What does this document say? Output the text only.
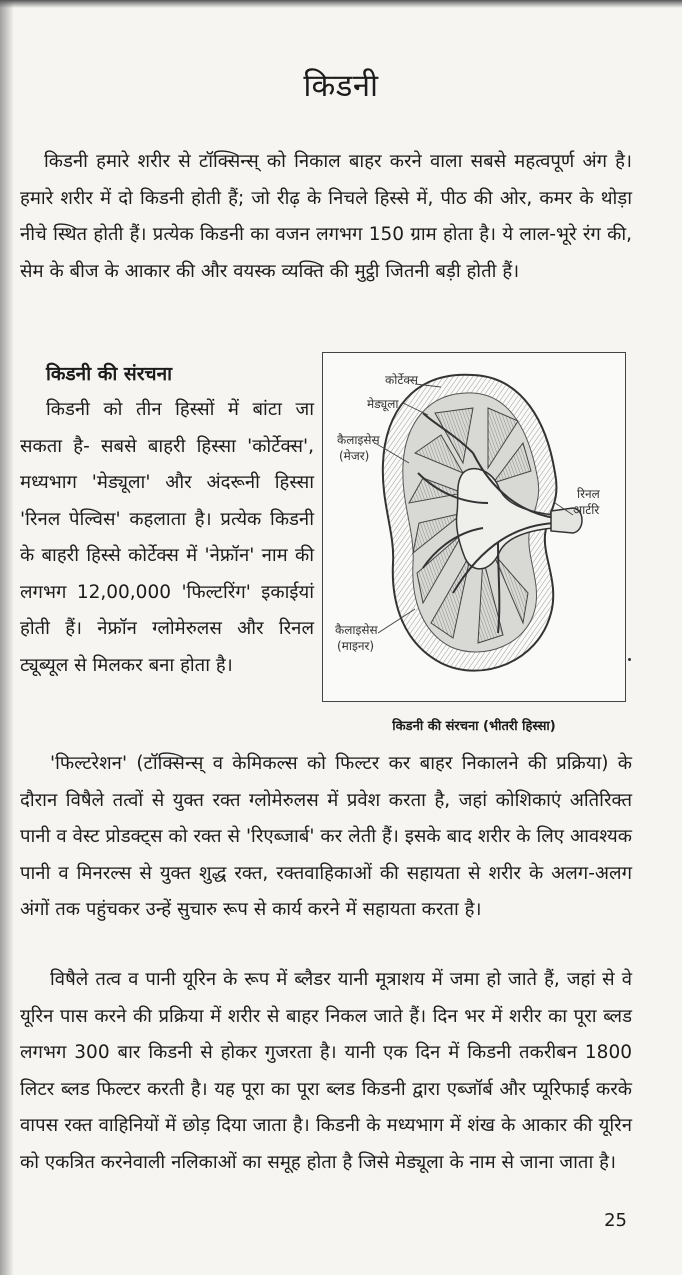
किडनी

किडनी हमारे शरीर से टॉक्सिन्स् को निकाल बाहर करने वाला सबसे महत्वपूर्ण अंग है। हमारे शरीर में दो किडनी होती हैं; जो रीढ़ के निचले हिस्से में, पीठ की ओर, कमर के थोड़ा नीचे स्थित होती हैं। प्रत्येक किडनी का वजन लगभग 150 ग्राम होता है। ये लाल-भूरे रंग की, सेम के बीज के आकार की और वयस्क व्यक्ति की मुट्ठी जितनी बड़ी होती हैं।

किडनी की संरचना

किडनी को तीन हिस्सों में बांटा जा सकता है- सबसे बाहरी हिस्सा 'कोर्टेक्स', मध्यभाग 'मेड्यूला' और अंदरूनी हिस्सा 'रिनल पेल्विस' कहलाता है। प्रत्येक किडनी के बाहरी हिस्से कोर्टेक्स में 'नेफ्रॉन' नाम की लगभग 12,00,000 'फिल्टरिंग' इकाईयां होती हैं। नेफ्रॉन ग्लोमेरुलस और रिनल ट्यूब्यूल से मिलकर बना होता है।

कोर्टेक्स
मेड्यूला
कैलाइसेस
(मेजर)
रिनल
आर्टरि
कैलाइसेस
(माइनर)
किडनी की संरचना (भीतरी हिस्सा)

'फिल्टरेशन' (टॉक्सिन्स् व केमिकल्स को फिल्टर कर बाहर निकालने की प्रक्रिया) के दौरान विषैले तत्वों से युक्त रक्त ग्लोमेरुलस में प्रवेश करता है, जहां कोशिकाएं अतिरिक्त पानी व वेस्ट प्रोडक्ट्स को रक्त से 'रिएब्जार्ब' कर लेती हैं। इसके बाद शरीर के लिए आवश्यक पानी व मिनरल्स से युक्त शुद्ध रक्त, रक्तवाहिकाओं की सहायता से शरीर के अलग-अलग अंगों तक पहुंचकर उन्हें सुचारु रूप से कार्य करने में सहायता करता है।

विषैले तत्व व पानी यूरिन के रूप में ब्लैडर यानी मूत्राशय में जमा हो जाते हैं, जहां से वे यूरिन पास करने की प्रक्रिया में शरीर से बाहर निकल जाते हैं। दिन भर में शरीर का पूरा ब्लड लगभग 300 बार किडनी से होकर गुजरता है। यानी एक दिन में किडनी तकरीबन 1800 लिटर ब्लड फिल्टर करती है। यह पूरा का पूरा ब्लड किडनी द्वारा एब्जॉर्ब और प्यूरिफाई करके वापस रक्त वाहिनियों में छोड़ दिया जाता है। किडनी के मध्यभाग में शंख के आकार की यूरिन को एकत्रित करनेवाली नलिकाओं का समूह होता है जिसे मेड्यूला के नाम से जाना जाता है।

25
